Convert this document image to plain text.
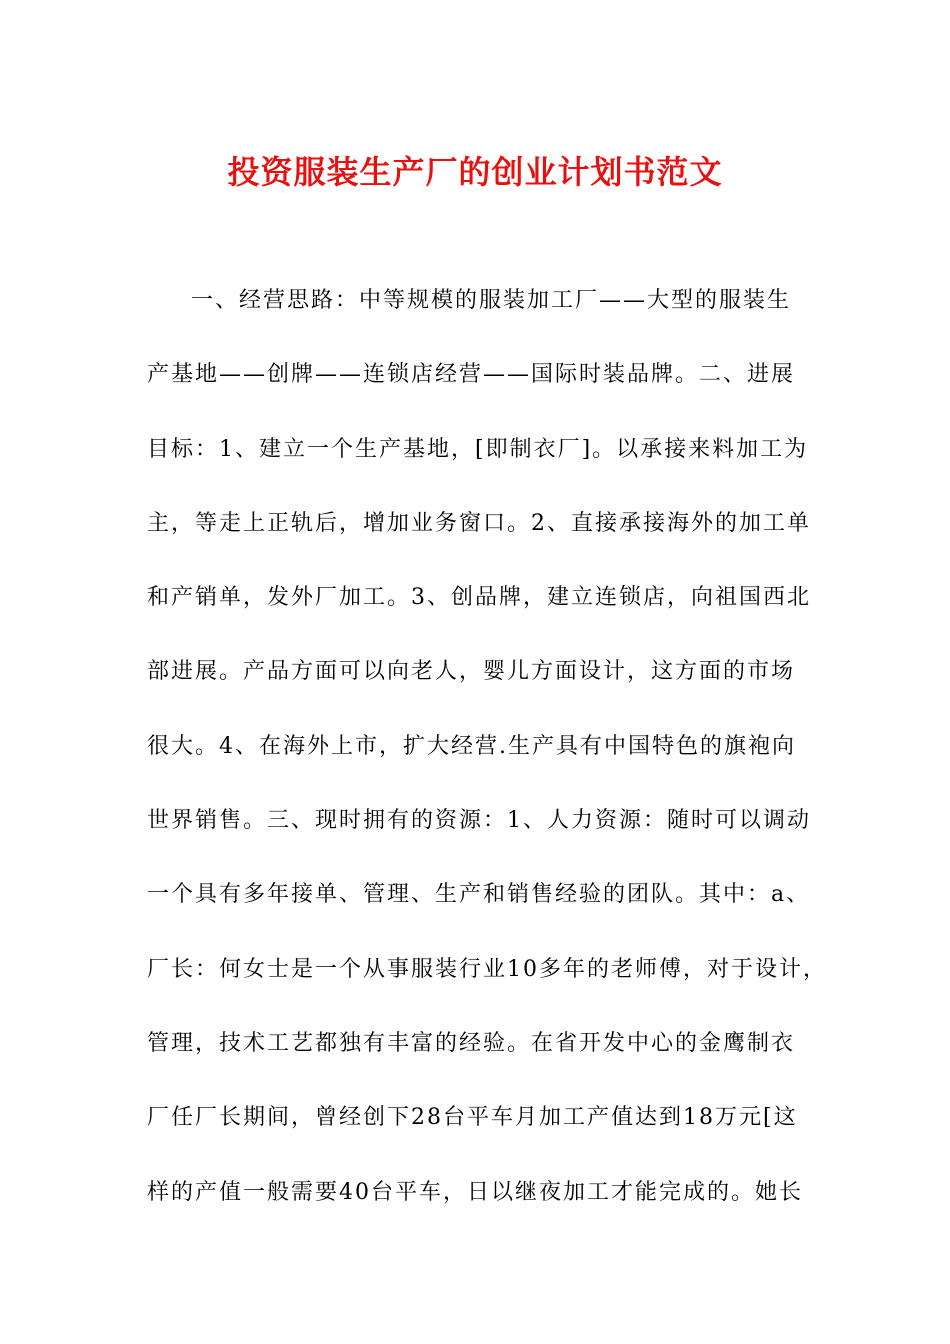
投资服装生产厂的创业计划书范文
一、经营思路：中等规模的服装加工厂——大型的服装生
产基地——创牌——连锁店经营——国际时装品牌。二、进展
目标：1、建立一个生产基地，[即制衣厂]。以承接来料加工为
主，等走上正轨后，增加业务窗口。2、直接承接海外的加工单
和产销单，发外厂加工。3、创品牌，建立连锁店，向祖国西北
部进展。产品方面可以向老人，婴儿方面设计，这方面的市场
很大。4、在海外上市，扩大经营.生产具有中国特色的旗袍向
世界销售。三、现时拥有的资源：1、人力资源：随时可以调动
一个具有多年接单、管理、生产和销售经验的团队。其中：a、
厂长：何女士是一个从事服装行业10多年的老师傅，对于设计，
管理，技术工艺都独有丰富的经验。在省开发中心的金鹰制衣
厂任厂长期间，曾经创下28台平车月加工产值达到18万元[这
样的产值一般需要40台平车，日以继夜加工才能完成的。她长
